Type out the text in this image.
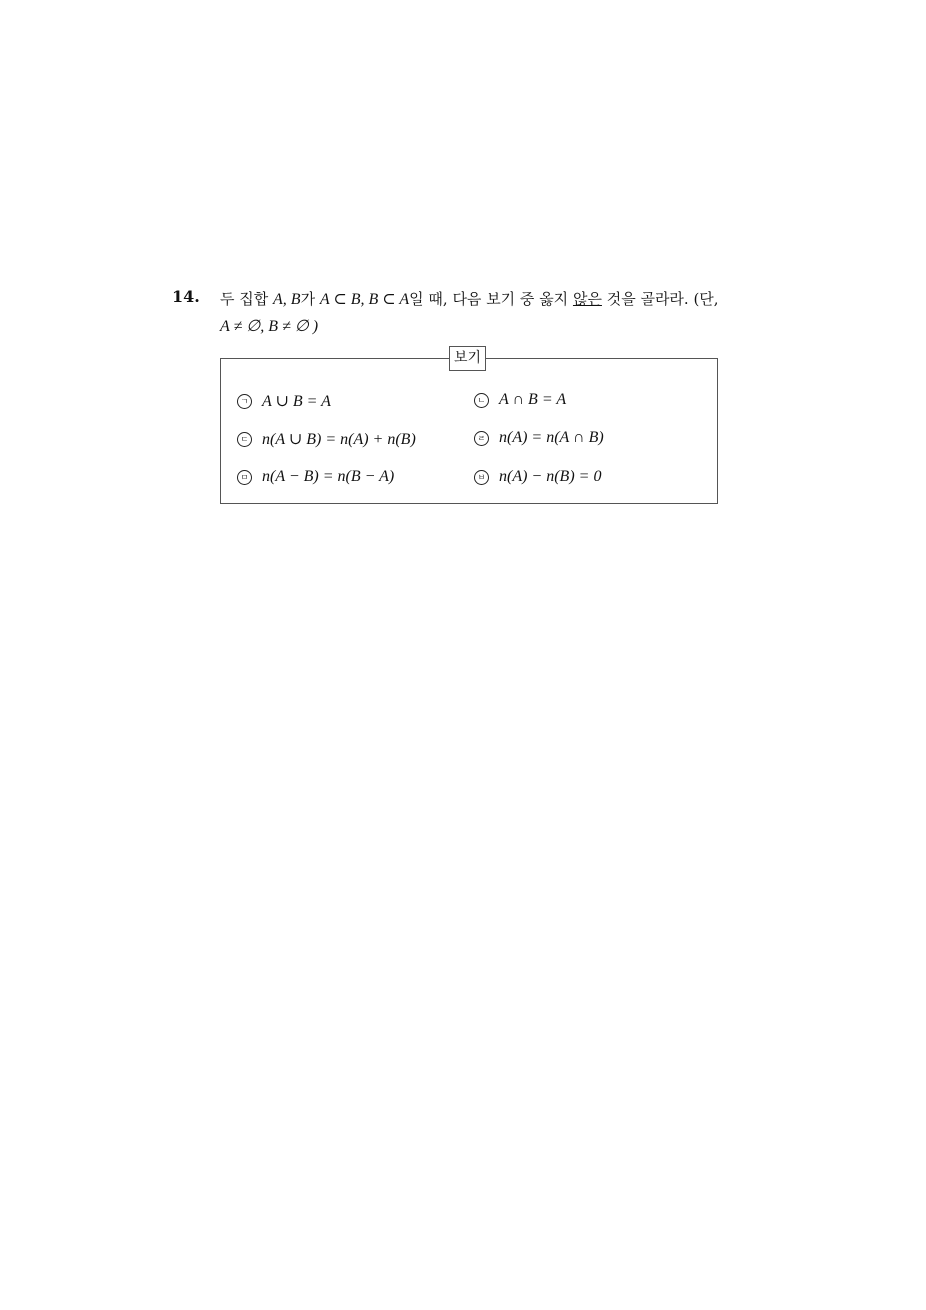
14. 두 집합 A, B가 A ⊂ B, B ⊂ A일 때, 다음 보기 중 옳지 않은 것을 골라라. (단,
A ≠ ∅, B ≠ ∅ )
보기
ㄱ A ∪ B = A	ㄴ A ∩ B = A
ㄷ n(A ∪ B) = n(A) + n(B)	ㄹ n(A) = n(A ∩ B)
ㅁ n(A − B) = n(B − A)	ㅂ n(A) − n(B) = 0
